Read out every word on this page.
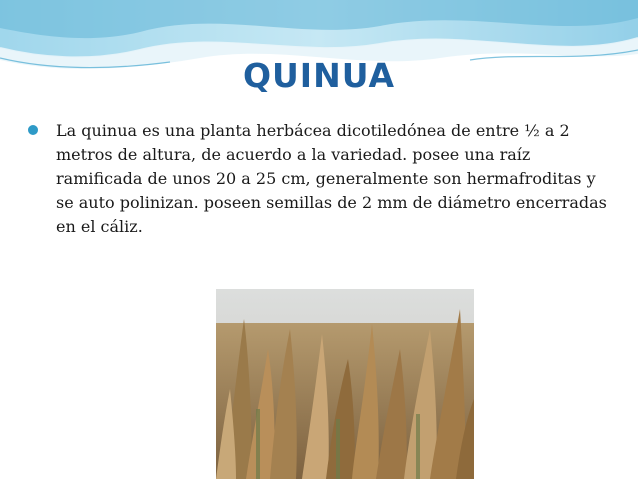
QUINUA
La quinua es una planta herbácea dicotiledónea de entre ½ a 2 metros de altura, de acuerdo a la variedad. posee una raíz ramificada de unos 20 a 25 cm, generalmente son hermafroditas y se auto polinizan. poseen semillas de 2 mm de diámetro encerradas en el cáliz.
